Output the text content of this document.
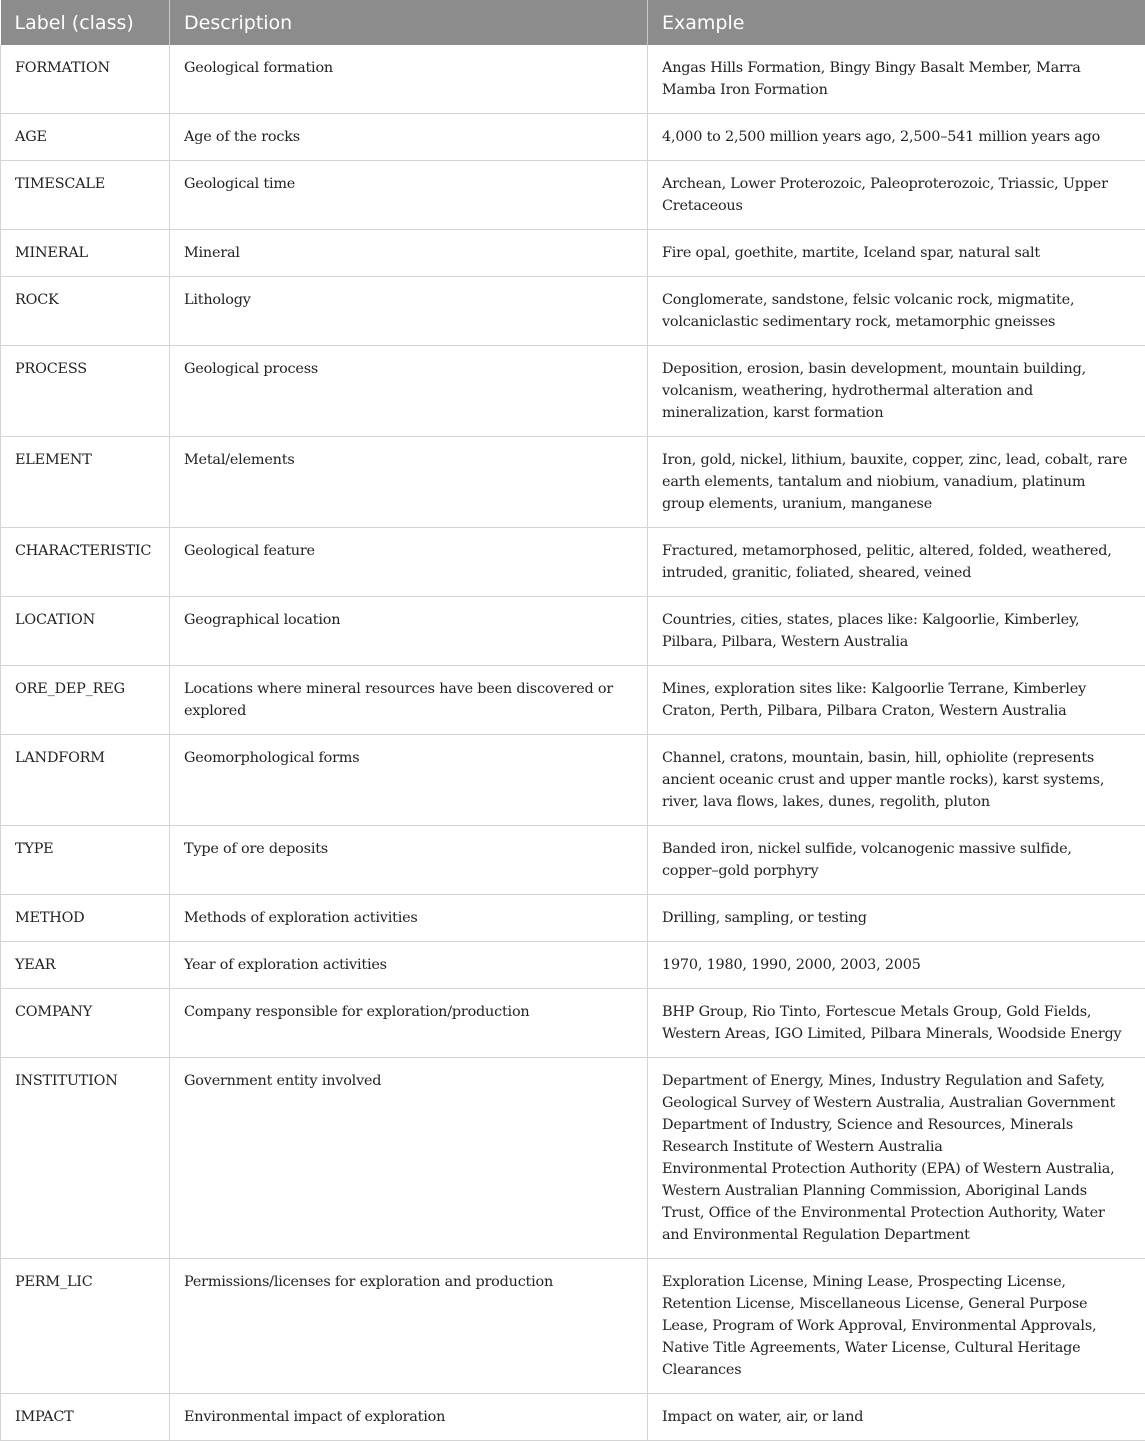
Label (class)	Description	Example
FORMATION	Geological formation	Angas Hills Formation, Bingy Bingy Basalt Member, Marra Mamba Iron Formation

AGE	Age of the rocks	4,000 to 2,500 million years ago, 2,500–541 million years ago

TIMESCALE	Geological time	Archean, Lower Proterozoic, Paleoproterozoic, Triassic, Upper Cretaceous

MINERAL	Mineral	Fire opal, goethite, martite, Iceland spar, natural salt

ROCK	Lithology	Conglomerate, sandstone, felsic volcanic rock, migmatite, volcaniclastic sedimentary rock, metamorphic gneisses

PROCESS	Geological process	Deposition, erosion, basin development, mountain building, volcanism, weathering, hydrothermal alteration and mineralization, karst formation

ELEMENT	Metal/elements	Iron, gold, nickel, lithium, bauxite, copper, zinc, lead, cobalt, rare earth elements, tantalum and niobium, vanadium, platinum group elements, uranium, manganese

CHARACTERISTIC	Geological feature	Fractured, metamorphosed, pelitic, altered, folded, weathered, intruded, granitic, foliated, sheared, veined

LOCATION	Geographical location	Countries, cities, states, places like: Kalgoorlie, Kimberley, Pilbara, Pilbara, Western Australia

ORE_DEP_REG	Locations where mineral resources have been discovered or explored	Mines, exploration sites like: Kalgoorlie Terrane, Kimberley Craton, Perth, Pilbara, Pilbara Craton, Western Australia

LANDFORM	Geomorphological forms	Channel, cratons, mountain, basin, hill, ophiolite (represents ancient oceanic crust and upper mantle rocks), karst systems, river, lava flows, lakes, dunes, regolith, pluton

TYPE	Type of ore deposits	Banded iron, nickel sulfide, volcanogenic massive sulfide, copper–gold porphyry

METHOD	Methods of exploration activities	Drilling, sampling, or testing

YEAR	Year of exploration activities	1970, 1980, 1990, 2000, 2003, 2005

COMPANY	Company responsible for exploration/production	BHP Group, Rio Tinto, Fortescue Metals Group, Gold Fields, Western Areas, IGO Limited, Pilbara Minerals, Woodside Energy

INSTITUTION	Government entity involved	Department of Energy, Mines, Industry Regulation and Safety, Geological Survey of Western Australia, Australian Government Department of Industry, Science and Resources, Minerals Research Institute of Western Australia
Environmental Protection Authority (EPA) of Western Australia, Western Australian Planning Commission, Aboriginal Lands Trust, Office of the Environmental Protection Authority, Water and Environmental Regulation Department

PERM_LIC	Permissions/licenses for exploration and production	Exploration License, Mining Lease, Prospecting License, Retention License, Miscellaneous License, General Purpose Lease, Program of Work Approval, Environmental Approvals, Native Title Agreements, Water License, Cultural Heritage Clearances

IMPACT	Environmental impact of exploration	Impact on water, air, or land
